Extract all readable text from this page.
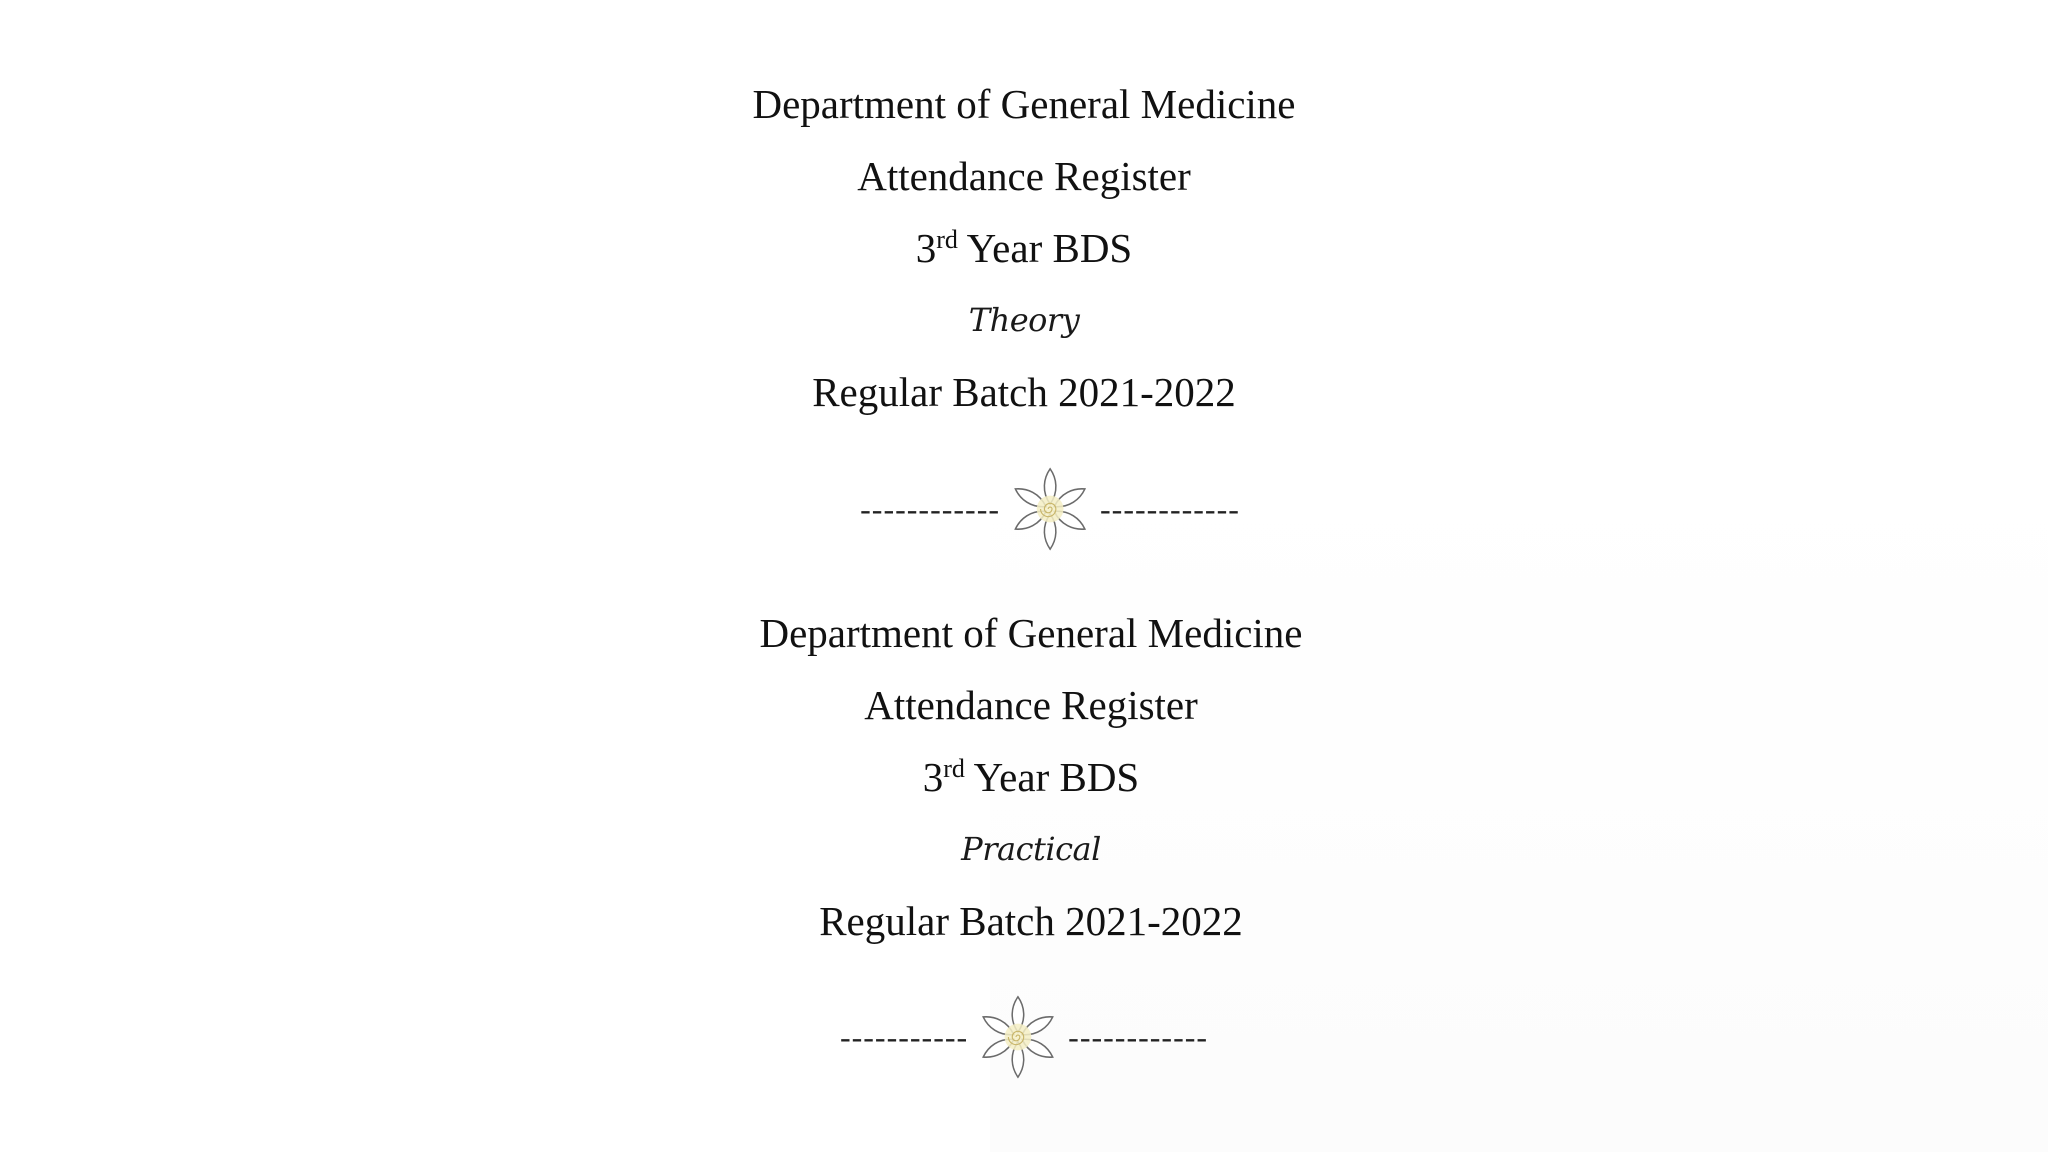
Department of General Medicine
Attendance Register
3rd Year BDS
Theory
Regular Batch 2021-2022
------------	------------
Department of General Medicine
Attendance Register
3rd Year BDS
Practical
Regular Batch 2021-2022
-----------	------------
